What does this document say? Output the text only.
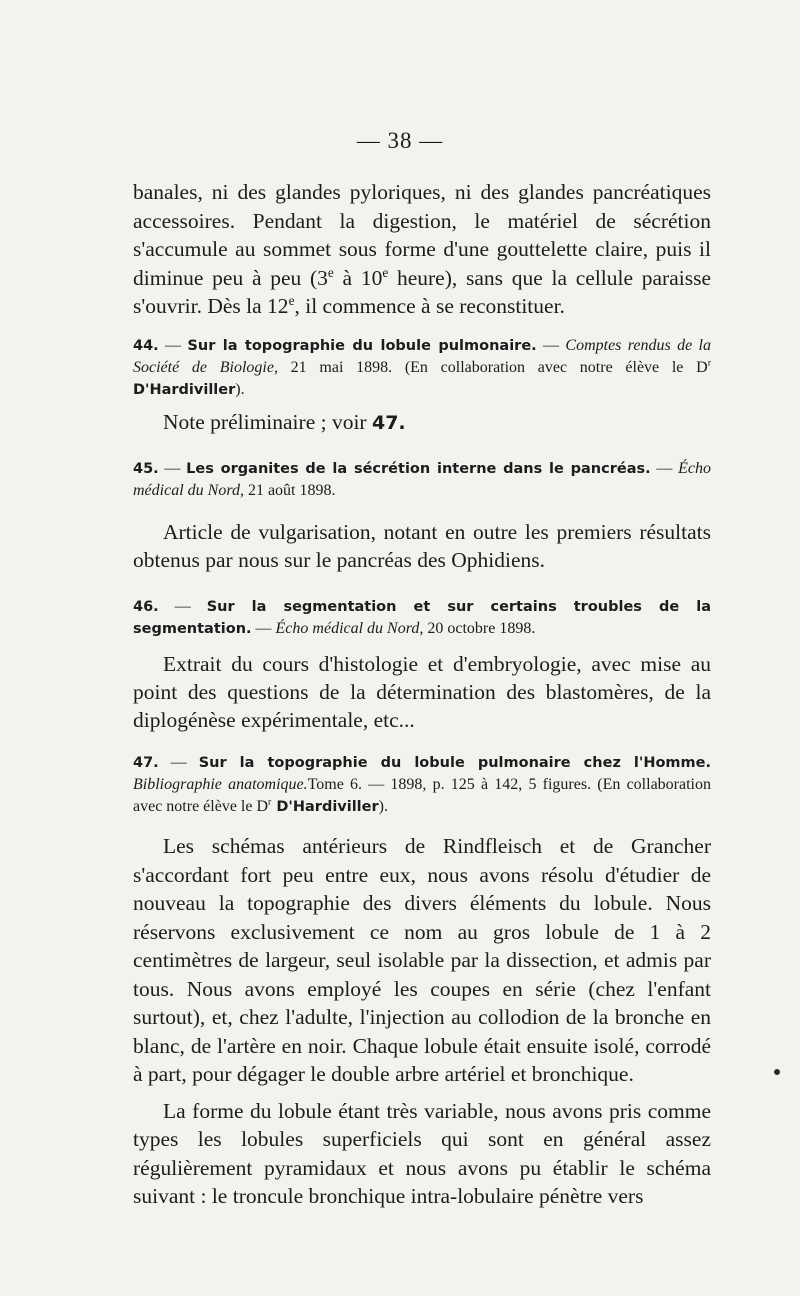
— 38 —

banales, ni des glandes pyloriques, ni des glandes pancréatiques accessoires. Pendant la digestion, le matériel de sécrétion s'accumule au sommet sous forme d'une gouttelette claire, puis il diminue peu à peu (3e à 10e heure), sans que la cellule paraisse s'ouvrir. Dès la 12e, il commence à se reconstituer.

44. — Sur la topographie du lobule pulmonaire. — Comptes rendus de la Société de Biologie, 21 mai 1898. (En collaboration avec notre élève le $D^r$ D'Hardiviller).
Note préliminaire ; voir 47.
45. — Les organites de la sécrétion interne dans le pancréas. — Écho médical du Nord, 21 août 1898.

Article de vulgarisation, notant en outre les premiers résultats obtenus par nous sur le pancréas des Ophidiens.

46. — Sur la segmentation et sur certains troubles de la segmentation. — Écho médical du Nord, 20 octobre 1898.

Extrait du cours d'histologie et d'embryologie, avec mise au point des questions de la détermination des blastomères, de la diplogénèse expérimentale, etc...

47. — Sur la topographie du lobule pulmonaire chez l'Homme. Bibliographie anatomique.Tome 6. — 1898, p. 125 à 142, 5 figures. (En collaboration avec notre élève le $D^r$ D'Hardiviller).

Les schémas antérieurs de Rindfleisch et de Grancher s'accordant fort peu entre eux, nous avons résolu d'étudier de nouveau la topographie des divers éléments du lobule. Nous réservons exclusivement ce nom au gros lobule de 1 à 2 centimètres de largeur, seul isolable par la dissection, et admis par tous. Nous avons employé les coupes en série (chez l'enfant surtout), et, chez l'adulte, l'injection au collodion de la bronche en blanc, de l'artère en noir. Chaque lobule était ensuite isolé, corrodé à part, pour dégager le double arbre artériel et bronchique.

La forme du lobule étant très variable, nous avons pris comme types les lobules superficiels qui sont en général assez régulièrement pyramidaux et nous avons pu établir le schéma suivant : le troncule bronchique intra-lobulaire pénètre vers
